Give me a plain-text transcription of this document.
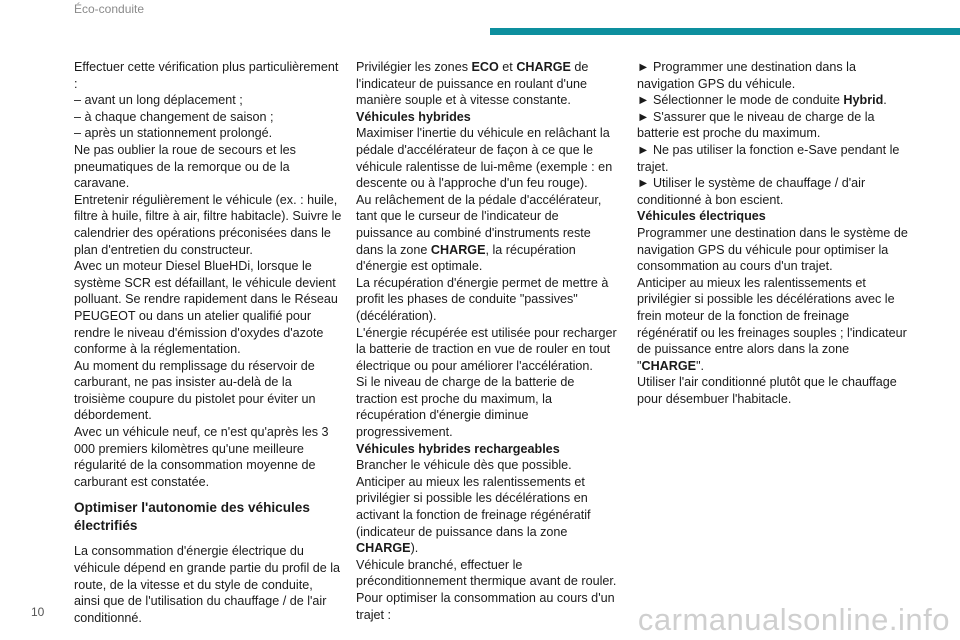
Éco-conduite

Effectuer cette vérification plus particulièrement :
– avant un long déplacement ;
– à chaque changement de saison ;
– après un stationnement prolongé.
Ne pas oublier la roue de secours et les pneumatiques de la remorque ou de la caravane.
Entretenir régulièrement le véhicule (ex. : huile, filtre à huile, filtre à air, filtre habitacle). Suivre le calendrier des opérations préconisées dans le plan d'entretien du constructeur.
Avec un moteur Diesel BlueHDi, lorsque le système SCR est défaillant, le véhicule devient polluant. Se rendre rapidement dans le Réseau PEUGEOT ou dans un atelier qualifié pour rendre le niveau d'émission d'oxydes d'azote conforme à la réglementation.
Au moment du remplissage du réservoir de carburant, ne pas insister au-delà de la troisième coupure du pistolet pour éviter un débordement.
Avec un véhicule neuf, ce n'est qu'après les 3 000 premiers kilomètres qu'une meilleure régularité de la consommation moyenne de carburant est constatée.

Optimiser l'autonomie des véhicules électrifiés

La consommation d'énergie électrique du véhicule dépend en grande partie du profil de la route, de la vitesse et du style de conduite, ainsi que de l'utilisation du chauffage / de l'air conditionné.

Privilégier les zones ECO et CHARGE de l'indicateur de puissance en roulant d'une manière souple et à vitesse constante.

Véhicules hybrides

Maximiser l'inertie du véhicule en relâchant la pédale d'accélérateur de façon à ce que le véhicule ralentisse de lui-même (exemple : en descente ou à l'approche d'un feu rouge).
Au relâchement de la pédale d'accélérateur, tant que le curseur de l'indicateur de puissance au combiné d'instruments reste dans la zone CHARGE, la récupération d'énergie est optimale.
La récupération d'énergie permet de mettre à profit les phases de conduite "passives" (décélération).
L'énergie récupérée est utilisée pour recharger la batterie de traction en vue de rouler en tout électrique ou pour améliorer l'accélération.
Si le niveau de charge de la batterie de traction est proche du maximum, la récupération d'énergie diminue progressivement.

Véhicules hybrides rechargeables

Brancher le véhicule dès que possible.
Anticiper au mieux les ralentissements et privilégier si possible les décélérations en activant la fonction de freinage régénératif (indicateur de puissance dans la zone CHARGE).
Véhicule branché, effectuer le préconditionnement thermique avant de rouler.
Pour optimiser la consommation au cours d'un trajet :

► Programmer une destination dans la navigation GPS du véhicule.
► Sélectionner le mode de conduite Hybrid.
► S'assurer que le niveau de charge de la batterie est proche du maximum.
► Ne pas utiliser la fonction e-Save pendant le trajet.
► Utiliser le système de chauffage / d'air conditionné à bon escient.

Véhicules électriques

Programmer une destination dans le système de navigation GPS du véhicule pour optimiser la consommation au cours d'un trajet.
Anticiper au mieux les ralentissements et privilégier si possible les décélérations avec le frein moteur de la fonction de freinage régénératif ou les freinages souples ; l'indicateur de puissance entre alors dans la zone "CHARGE".
Utiliser l'air conditionné plutôt que le chauffage pour désembuer l'habitacle.

10	carmanualsonline.info
